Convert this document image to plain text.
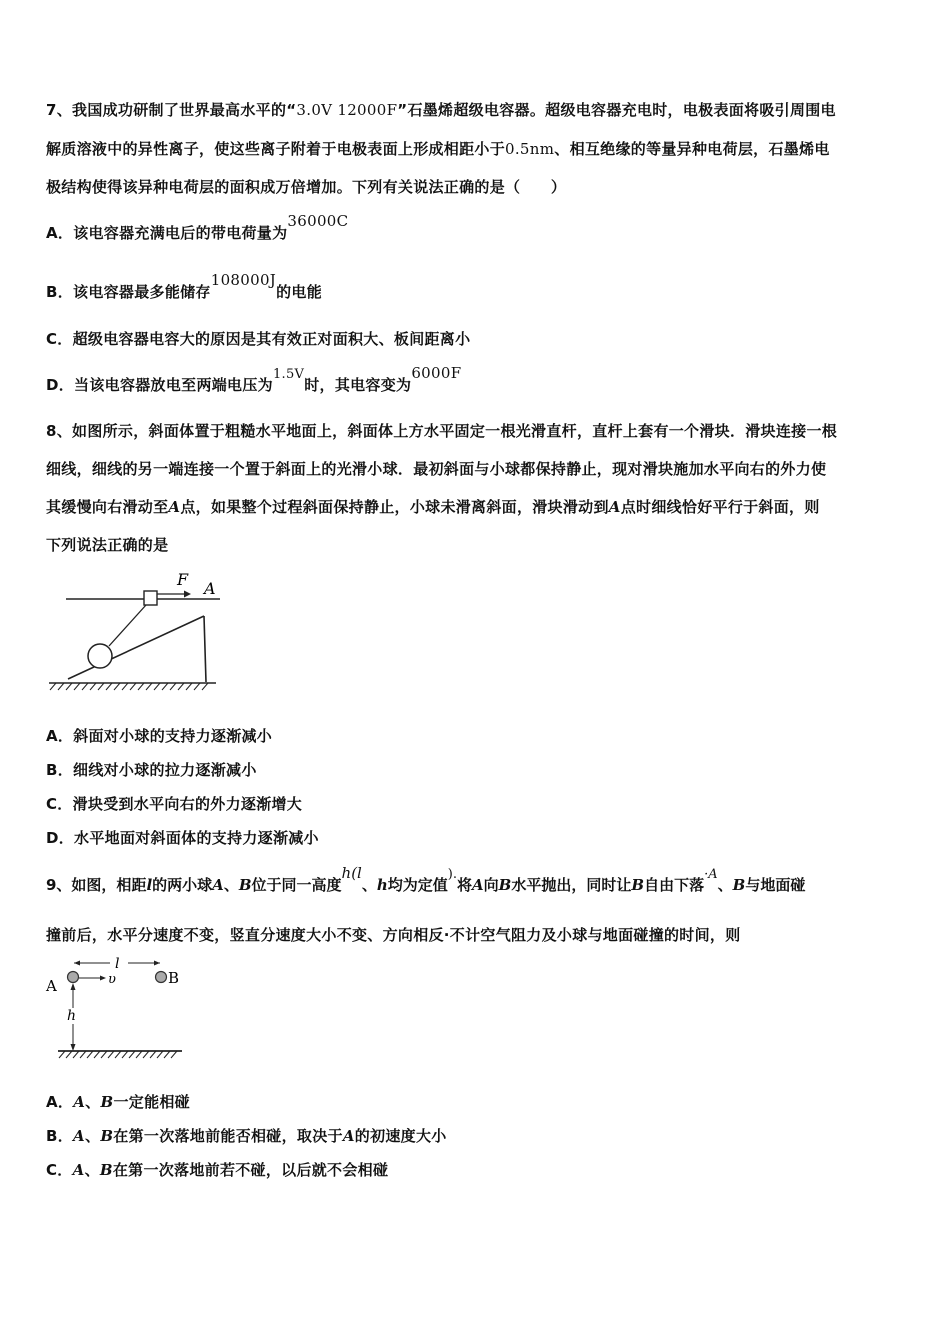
7、我国成功研制了世界最高水平的“3.0V 12000F”石墨烯超级电容器。超级电容器充电时，电极表面将吸引周围电
解质溶液中的异性离子，使这些离子附着于电极表面上形成相距小于0.5nm、相互绝缘的等量异种电荷层，石墨烯电
极结构使得该异种电荷层的面积成万倍增加。下列有关说法正确的是（　　）
A．该电容器充满电后的带电荷量为36000C
B．该电容器最多能储存108000J的电能
C．超级电容器电容大的原因是其有效正对面积大、板间距离小
D．当该电容器放电至两端电压为1.5V时，其电容变为6000F
8、如图所示，斜面体置于粗糙水平地面上，斜面体上方水平固定一根光滑直杆，直杆上套有一个滑块．滑块连接一根
细线，细线的另一端连接一个置于斜面上的光滑小球．最初斜面与小球都保持静止，现对滑块施加水平向右的外力使
其缓慢向右滑动至A点，如果整个过程斜面保持静止，小球未滑离斜面，滑块滑动到A点时细线恰好平行于斜面，则
下列说法正确的是
F A
A．斜面对小球的支持力逐渐减小
B．细线对小球的拉力逐渐减小
C．滑块受到水平向右的外力逐渐增大
D．水平地面对斜面体的支持力逐渐减小
9、如图，相距l的两小球A、B位于同一高度h(l、h均为定值).将A向B水平抛出，同时让B自由下落·A、B与地面碰
撞前后，水平分速度不变，竖直分速度大小不变、方向相反·不计空气阻力及小球与地面碰撞的时间，则
l
A	υ	B
h
A．A、B一定能相碰
B．A、B在第一次落地前能否相碰，取决于A的初速度大小
C．A、B在第一次落地前若不碰，以后就不会相碰
